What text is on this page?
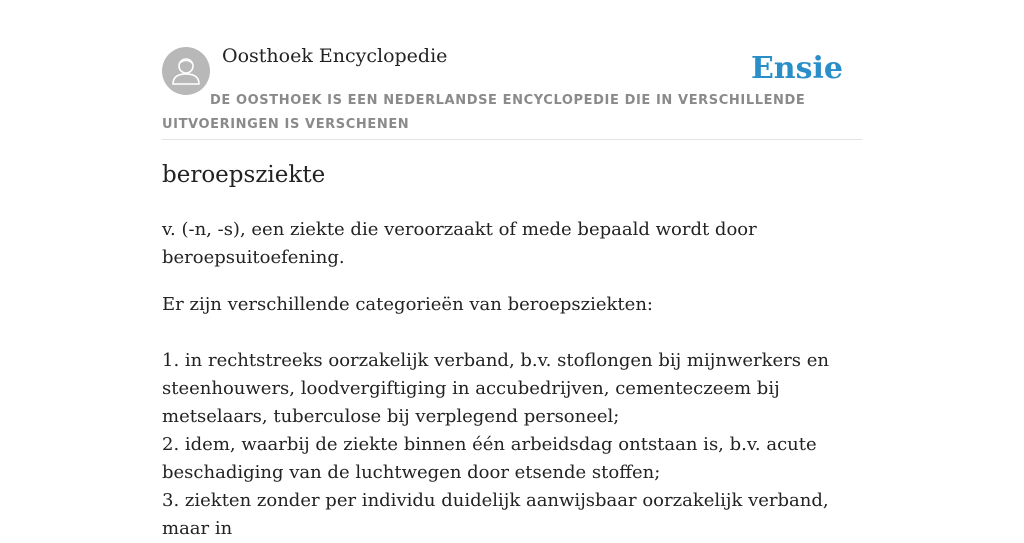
Oosthoek Encyclopedie	Ensie
DE OOSTHOEK IS EEN NEDERLANDSE ENCYCLOPEDIE DIE IN VERSCHILLENDE UITVOERINGEN IS VERSCHENEN
beroepsziekte

v. (-n, -s), een ziekte die veroorzaakt of mede bepaald wordt door beroepsuitoefening.

Er zijn verschillende categorieën van beroepsziekten:

1. in rechtstreeks oorzakelijk verband, b.v. stoflongen bij mijnwerkers en steenhouwers, loodvergiftiging in accubedrijven, cementeczeem bij metselaars, tuberculose bij verplegend personeel;
2. idem, waarbij de ziekte binnen één arbeidsdag ontstaan is, b.v. acute beschadiging van de luchtwegen door etsende stoffen;
3. ziekten zonder per individu duidelijk aanwijsbaar oorzakelijk verband, maar in
